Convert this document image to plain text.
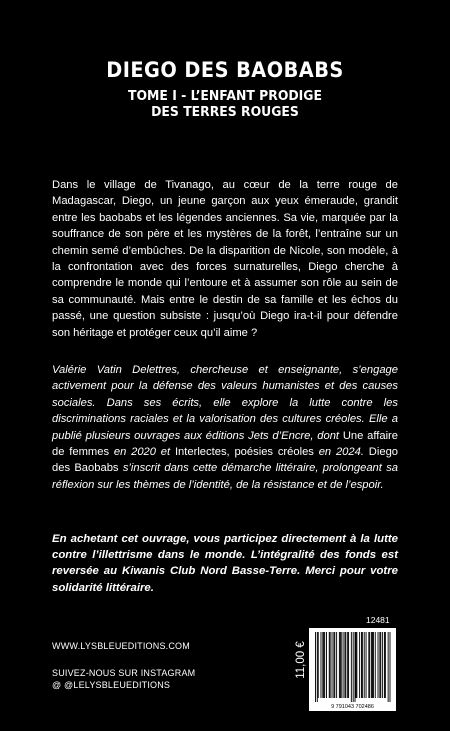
DIEGO DES BAOBABS
TOME I - L’ENFANT PRODIGE
DES TERRES ROUGES

Dans le village de Tivanago, au cœur de la terre rouge de Madagascar, Diego, un jeune garçon aux yeux émeraude, grandit entre les baobabs et les légendes anciennes. Sa vie, marquée par la souffrance de son père et les mystères de la forêt, l’entraîne sur un chemin semé d’embûches. De la disparition de Nicole, son modèle, à la confrontation avec des forces surnaturelles, Diego cherche à comprendre le monde qui l’entoure et à assumer son rôle au sein de sa communauté. Mais entre le destin de sa famille et les échos du passé, une question subsiste : jusqu’où Diego ira-t-il pour défendre son héritage et protéger ceux qu’il aime ?

Valérie Vatin Delettres, chercheuse et enseignante, s’engage activement pour la défense des valeurs humanistes et des causes sociales. Dans ses écrits, elle explore la lutte contre les discriminations raciales et la valorisation des cultures créoles. Elle a publié plusieurs ouvrages aux éditions Jets d’Encre, dont Une affaire de femmes en 2020 et Interlectes, poésies créoles en 2024. Diego des Baobabs s’inscrit dans cette démarche littéraire, prolongeant sa réflexion sur les thèmes de l’identité, de la résistance et de l’espoir.

En achetant cet ouvrage, vous participez directement à la lutte contre l’illettrisme dans le monde. L’intégralité des fonds est reversée au Kiwanis Club Nord Basse-Terre. Merci pour votre solidarité littéraire.

WWW.LYSBLEUEDITIONS.COM
SUIVEZ-NOUS SUR INSTAGRAM
@ @LELYSBLEUEDITIONS
12481
11,00 €
9 791043 702486
